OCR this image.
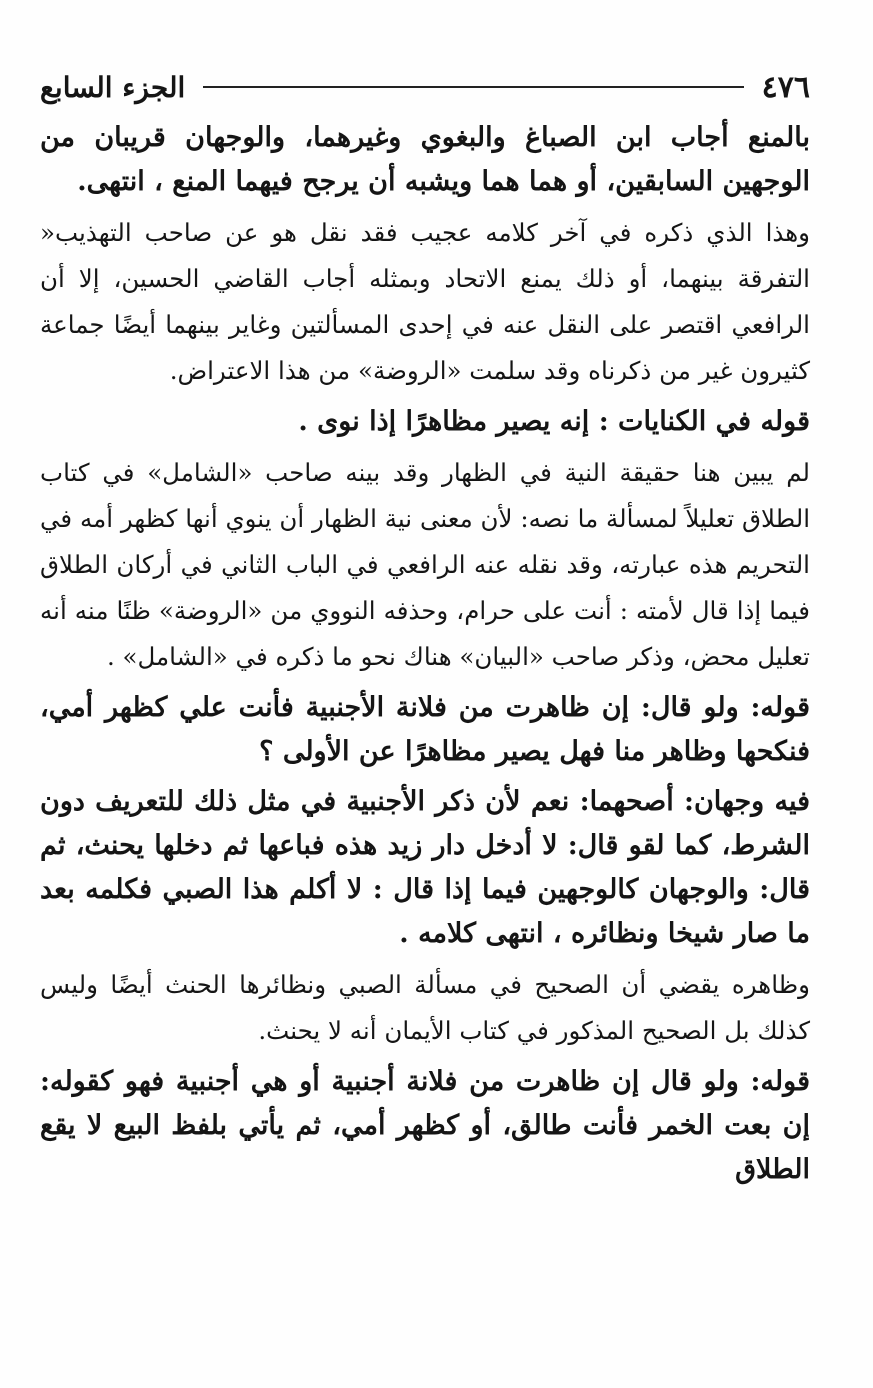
٤٧٦
الجزء السابع

بالمنع أجاب ابن الصباغ والبغوي وغيرهما، والوجهان قريبان من الوجهين السابقين، أو هما هما ويشبه أن يرجح فيهما المنع ، انتهى.

وهذا الذي ذكره في آخر كلامه عجيب فقد نقل هو عن صاحب التهذيب« التفرقة بينهما، أو ذلك يمنع الاتحاد وبمثله أجاب القاضي الحسين، إلا أن الرافعي اقتصر على النقل عنه في إحدى المسألتين وغاير بينهما أيضًا جماعة كثيرون غير من ذكرناه وقد سلمت «الروضة» من هذا الاعتراض.

قوله في الكنايات : إنه يصير مظاهرًا إذا نوى .

لم يبين هنا حقيقة النية في الظهار وقد بينه صاحب «الشامل» في كتاب الطلاق تعليلاً لمسألة ما نصه: لأن معنى نية الظهار أن ينوي أنها كظهر أمه في التحريم هذه عبارته، وقد نقله عنه الرافعي في الباب الثاني في أركان الطلاق فيما إذا قال لأمته : أنت على حرام، وحذفه النووي من «الروضة» ظنًا منه أنه تعليل محض، وذكر صاحب «البيان» هناك نحو ما ذكره في «الشامل» .

قوله: ولو قال: إن ظاهرت من فلانة الأجنبية فأنت علي كظهر أمي، فنكحها وظاهر منا فهل يصير مظاهرًا عن الأولى ؟

فيه وجهان: أصحهما: نعم لأن ذكر الأجنبية في مثل ذلك للتعريف دون الشرط، كما لقو قال: لا أدخل دار زيد هذه فباعها ثم دخلها يحنث، ثم قال: والوجهان كالوجهين فيما إذا قال : لا أكلم هذا الصبي فكلمه بعد ما صار شيخا ونظائره ، انتهى كلامه .

وظاهره يقضي أن الصحيح في مسألة الصبي ونظائرها الحنث أيضًا وليس كذلك بل الصحيح المذكور في كتاب الأيمان أنه لا يحنث.

قوله: ولو قال إن ظاهرت من فلانة أجنبية أو هي أجنبية فهو كقوله: إن بعت الخمر فأنت طالق، أو كظهر أمي، ثم يأتي بلفظ البيع لا يقع الطلاق
